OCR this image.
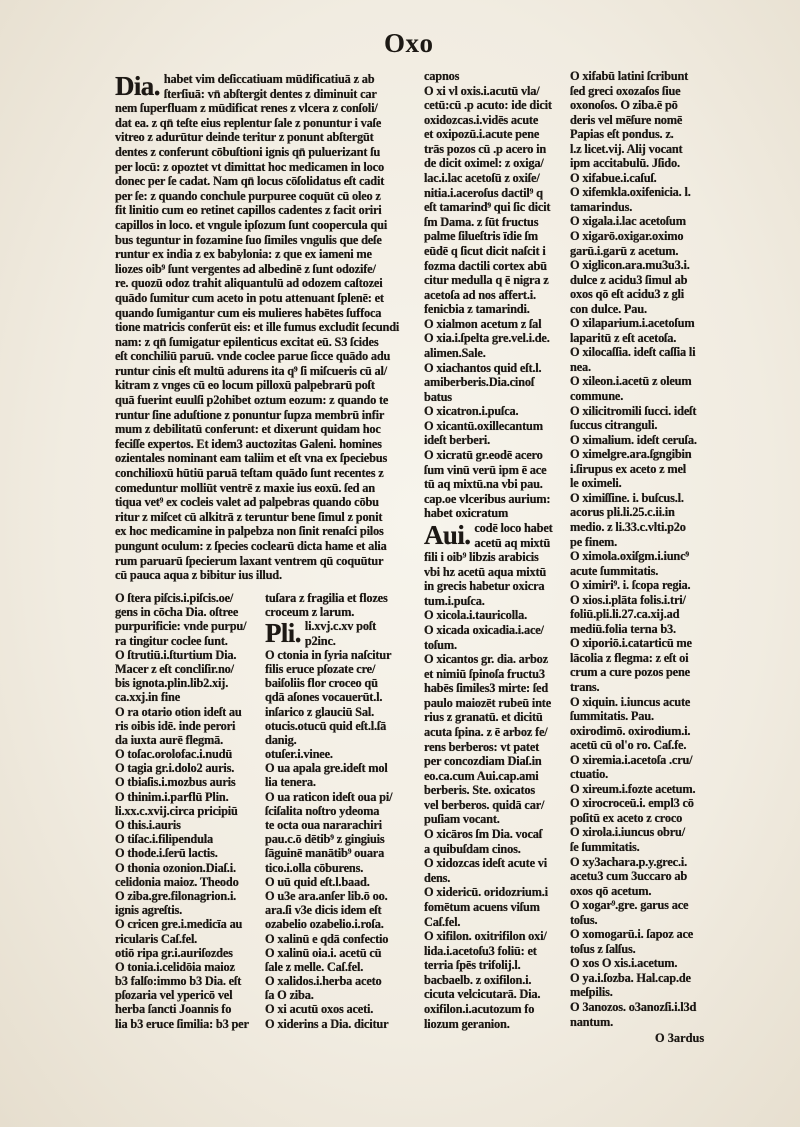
Oxo
Dia. habet vim deſiccatiuam mūdificatiuā z ab
ſterſiuā: vn̄ abſtergit dentes z diminuit car
nem ſuperfluam z mūdificat renes z vlcera z conſoli/
dat ea. z qn̄ teſte eius replentur ſale z ponuntur i vaſe
vitreo z adurūtur deinde teritur z ponunt abſtergūt
dentes z conferunt cōbuſtioni ignis qn̄ puluerizant ſu
per locū: z opoztet vt dimittat hoc medicamen in loco
donec per ſe cadat. Nam qn̄ locus cōſolidatus eſt cadit
per ſe: z quando conchule purpuree coquūt cū oleo z
fit linitio cum eo retinet capillos cadentes z facit oriri
capillos in loco. et vngule ipſozum ſunt coopercula qui
bus teguntur in fozamine ſuo ſimiles vngulis que deſe
runtur ex india z ex babylonia: z que ex iameni me
liozes oib⁹ ſunt vergentes ad albedinē z ſunt odozife/
re. quozū odoz trahit aliquantulū ad odozem caſtozei
quādo ſumitur cum aceto in potu attenuant ſplenē: et
quando ſumigantur cum eis mulieres habētes ſuffoca
tione matricis conferūt eis: et ille fumus excludit ſecundi
nam: z qn̄ ſumigatur epilenticus excitat eū. S3 ſcides
eſt conchiliū paruū. vnde coclee parue ſicce quādo adu
runtur cinis eſt multū adurens ita q⁹ ſi miſcueris cū al/
kitram z vnges cū eo locum pilloxū palpebrarū poſt
quā fuerint euulſi p2ohibet oztum eozum: z quando te
runtur ſine aduſtione z ponuntur ſupza membrū infir
mum z debilitatū conferunt: et dixerunt quidam hoc
feciſſe expertos. Et idem3 auctozitas Galeni. homines
ozientales nominant eam taliim et eſt vna ex ſpeciebus
conchilioxū hūtiū paruā teſtam quādo ſunt recentes z
comeduntur molliūt ventrē z maxie ius eoxū. ſed an
tiqua vet⁹ ex cocleis valet ad palpebras quando cōbu
ritur z miſcet cū alkitrā z teruntur bene ſimul z ponit
ex hoc medicamine in palpebza non ſinit renaſci pilos
pungunt oculum: z ſpecies coclearū dicta hame et alia
rum paruarū ſpecierum laxant ventrem qū coquūtur
cū pauca aqua z bibitur ius illud.
O ſtera piſcis.i.piſcis.oe/
gens in cōcha Dia. oſtree
purpurificie: vnde purpu/
ra tingitur coclee ſunt.
O ſtrutiū.i.ſturtium Dia.
Macer z eſt concliſir.no/
bis ignota.plin.lib2.xij.
ca.xxj.in fine
O ra otario otion ideſt au
ris oibis idē. inde perori
da iuxta aurē flegmā.
O toſac.orolofac.i.nudū
O tagia gr.i.dolo2 auris.
O tbiaſis.i.mozbus auris
O thinim.i.parflū Plin.
li.xx.c.xvij.circa pricipiū
O this.i.auris
O tiſac.i.filipendula
O thode.i.ſerū lactis.
O thonia ozonion.Diaſ.i.
celidonia maioz. Theodo
O ziba.gre.filonagrion.i.
ignis agreſtis.
O cricen gre.i.medicīa au
ricularis Caſ.fel.
otiō ripa gr.i.auriſozdes
O tonia.i.celidōia maioz
b3 falſo:immo b3 Dia. eſt
pſozaria vel ypericō vel
herba ſancti Joannis fo
lia b3 eruce ſimilia: b3 per
tuſara z fragilia et flozes
croceum z larum.
Pli. li.xvj.c.xv poſt
p2inc.
O ctonia in ſyria naſcitur
filis eruce pſozate cre/
baiſoliis flor croceo qū
qdā aſones vocauerūt.l.
inſarico z glauciū Sal.
otucis.otucū quid eſt.l.ſā
danig.
otuſer.i.vinee.
O ua apala gre.ideſt mol
lia tenera.
O ua raticon ideſt oua pi/
ſciſalita noſtro ydeoma
te octa oua nararachiri
pau.c.ō dētib⁹ z gingiuis
ſāguinē manātib⁹ ouara
tico.i.olla cōburens.
O uū quid eſt.l.baad.
O u3e ara.anſer lib.ō oo.
ara.ſi v3e dicis idem eſt
ozabelio ozabelio.i.roſa.
O xalinū e qdā confectio
O xalinū oia.i. acetū cū
ſale z melle. Caſ.fel.
O xalidos.i.herba aceto
ſa O ziba.
O xi acutū oxos aceti.
O xiderins a Dia. dicitur
capnos
O xi vl oxis.i.acutū vla/
cetū:cū .p acuto: ide dicit
oxidozcas.i.vidēs acute
et oxipozū.i.acute pene
trās pozos cū .p acero in
de dicit oximel: z oxiga/
lac.i.lac acetoſū z oxiſe/
nitia.i.aceroſus dactil⁹ q
eſt tamarind⁹ qui ſic dicit
ſm Dama. z ſūt fructus
palme ſilueſtris īdie ſm
eūdē q ſicut dicit naſcit i
fozma dactili cortex abū
citur medulla q ē nigra z
acetoſa ad nos affert.i.
fenicbia z tamarindi.
O xialmon acetum z ſal
O xia.i.ſpelta gre.vel.i.de.
alimen.Sale.
O xiachantos quid eſt.l.
amiberberis.Dia.cinoſ
batus
O xicatron.i.puſca.
O xicantū.oxillecantum
ideſt berberi.
O xicratū gr.eodē acero
ſum vinū verū ipm ē ace
tū aq mixtū.na vbi pau.
cap.oe vlceribus aurium:
habet oxicratum
Aui. codē loco habet
acetū aq mixtū
fili i oib⁹ libzis arabicis
vbi hz acetū aqua mixtū
in grecis habetur oxicra
tum.i.puſca.
O xicola.i.tauricolla.
O xicada oxicadia.i.ace/
toſum.
O xicantos gr. dia. arboz
et nimiū ſpinoſa fructu3
habēs ſimiles3 mirte: ſed
paulo maiozēt rubeū inte
rius z granatū. et dicitū
acuta ſpina. z ē arboz fe/
rens berberos: vt patet
per concozdiam Diaſ.in
eo.ca.cum Aui.cap.ami
berberis. Ste. oxicatos
vel berberos. quidā car/
puſiam vocant.
O xicāros ſm Dia. vocaſ
a quibuſdam cinos.
O xidozcas ideſt acute vi
dens.
O xidericū. oridozrium.i
fomētum acuens viſum
Caſ.fel.
O xifilon. oxitrifilon oxi/
lida.i.acetoſu3 foliū: et
terria ſpēs trifolij.l.
bacbaelb. z oxifilon.i.
cicuta velcicutarā. Dia.
oxifilon.i.acutozum fo
liozum geranion.
O xifabū latini ſcribunt
ſed greci oxozaſos ſiue
oxonoſos. O ziba.ē pō
deris vel mēſure nomē
Papias eſt pondus. z.
l.z licet.vij. Alij vocant
ipm accitabulū. Jſido.
O xifabue.i.caſuſ.
O xifemkla.oxifenicia. l.
tamarindus.
O xigala.i.lac acetoſum
O xigarō.oxigar.oximo
garū.i.garū z acetum.
O xiglicon.ara.mu3u3.i.
dulce z acidu3 ſimul ab
oxos qō eſt acidu3 z gli
con dulce. Pau.
O xilaparium.i.acetoſum
laparitū z eſt acetoſa.
O xilocaſſia. ideſt caſſia li
nea.
O xileon.i.acetū z oleum
commune.
O xilicitromili ſucci. ideſt
ſuccus citranguli.
O ximalium. ideſt ceruſa.
O ximelgre.ara.ſgngibin
i.ſirupus ex aceto z mel
le oximeli.
O ximiſſine. i. buſcus.l.
acorus pli.li.25.c.ii.in
medio. z li.33.c.vlti.p2o
pe finem.
O ximola.oxiſgm.i.iunc⁹
acute ſummitatis.
O ximiri⁹. i. ſcopa regia.
O xios.i.plāta folis.i.tri/
foliū.pli.li.27.ca.xij.ad
mediū.folia terna b3.
O xiporiō.i.catarticū me
lācolia z flegma: z eſt oi
crum a cure pozos pene
trans.
O xiquin. i.iuncus acute
ſummitatis. Pau.
oxirodimō. oxirodium.i.
acetū cū ol'o ro. Caſ.fe.
O xiremia.i.acetoſa .cru/
ctuatio.
O xireum.i.fozte acetum.
O xirocroceū.i. empl3 cō
poſitū ex aceto z croco
O xirola.i.iuncus obru/
ſe ſummitatis.
O xy3achara.p.y.grec.i.
acetu3 cum 3uccaro ab
oxos qō acetum.
O xogar⁹.gre. garus ace
toſus.
O xomogarū.i. ſapoz ace
toſus z ſalſus.
O xos O xis.i.acetum.
O ya.i.ſozba. Hal.cap.de
meſpilis.
O 3anozos. o3anozſi.i.l3d
nantum.
O 3ardus
